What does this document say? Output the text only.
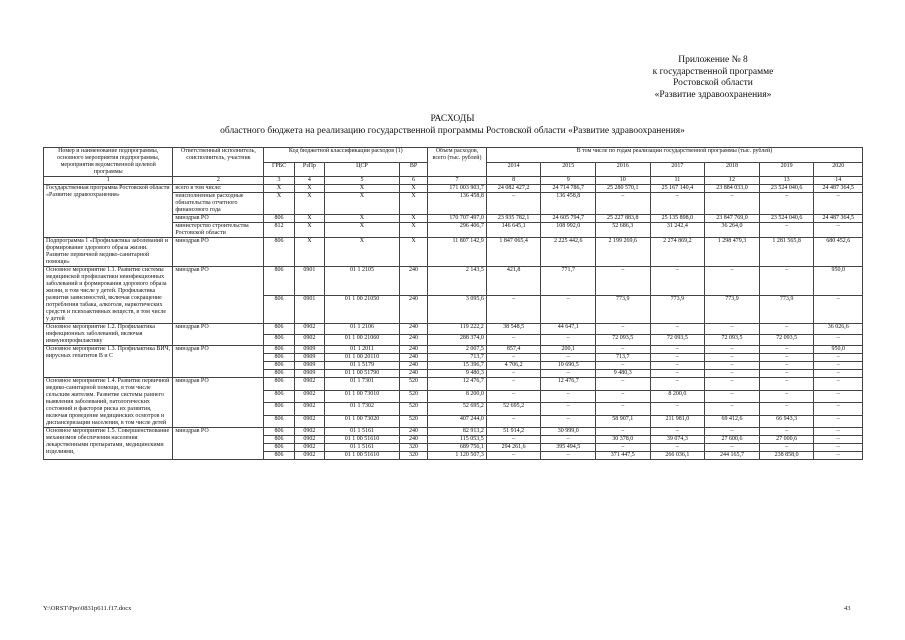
Приложение № 8
к государственной программе
Ростовской области
«Развитие здравоохранения»
РАСХОДЫ
областного бюджета на реализацию государственной программы Ростовской области «Развитие здравоохранения»
Номер и наименование подпрограммы, основного мероприятия подпрограммы, мероприятия ведомственной целевой программы	Ответственный исполнитель, соисполнитель, участник	Код бюджетной классификации расходов (1)				Объем расходов, всего (тыс. рублей)	В том числе по годам реализации государственной программы (тыс. рублей)						
		ГРБС	РзПр	ЦСР	ВР		2014	2015	2016	2017	2018	2019	2020
1	2	3	4	5	6	7	8	9	10	11	12	13	14
Государственная программа Ростовской области «Развитие здравоохранения»	всего в том числе:	X	X	X	X	171 003 903,7	24 082 427,2	24 714 786,7	25 280 570,1	25 167 140,4	23 884 033,0	23 524 040,6	24 487 364,5
	неисполненные расходные обязательства отчетного финансового года	X	X	X	X	136 458,8	–	136 458,8	–	–	–	–	–
	минздрав РО	806	X	X	X	170 707 497,0	23 935 782,1	24 605 794,7	25 227 883,8	25 135 898,0	23 847 769,0	23 524 040,6	24 487 364,5
	министерство строительства Ростовской области	812	X	X	X	296 406,7	146 645,1	108 992,0	52 686,3	31 242,4	36 264,0	–	–
Подпрограмма 1 «Профилактика заболеваний и формирование здорового образа жизни. Развитие первичной медико-санитарной помощи»	минздрав РО	806	X	X	X	11 807 142,9	1 847 065,4	2 225 442,6	2 199 269,6	2 274 869,2	1 298 479,3	1 281 565,8	680 452,6
Основное мероприятие 1.1. Развитие системы медицинской профилактики неинфекционных заболеваний и формирования здорового образа жизни, в том числе у детей. Профилактика развития зависимостей, включая сокращение потребления табака, алкоголя, наркотических средств и психоактивных веществ, в том числе у детей	минздрав РО	806	0901	01 1 2105	240	2 143,5	421,8	771,7	–	–	–	–	950,0
		806	0901	01 1 00 21050	240	3 095,6	–	–	773,9	773,9	773,9	773,9	–
Основное мероприятие 1.2. Профилактика инфекционных заболеваний, включая иммунопрофилактику	минздрав РО	806	0902	01 1 2106	240	119 222,2	38 548,5	44 647,1	–	–	–	–	36 026,6
		806	0902	01 1 00 21060	240	288 374,0	–	–	72 093,5	72 093,5	72 093,5	72 093,5	–
Основное мероприятие 1.3. Профилактика ВИЧ, вирусных гепатитов В и С	минздрав РО	806	0909	01 1 2011	240	2 007,5	857,4	200,1	–	–	–	–	950,0
		806	0909	01 1 00 20110	240	713,7	–	–	713,7	–	–	–	–
		806	0909	01 1 5179	240	15 396,7	4 706,2	10 690,5	–	–	–	–	–
		806	0909	01 1 00 51790	240	9 480,3	–	–	9 480,3	–	–	–	–
Основное мероприятие 1.4. Развитие первичной медико-санитарной помощи, в том числе сельским жителям. Развитие системы раннего выявления заболеваний, патологических состояний и факторов риска их развития, включая проведение медицинских осмотров и диспансеризации населения, в том числе детей	минздрав РО	806	0902	01 1 7301	520	12 476,7	–	12 476,7	–	–	–	–	–
		806	0902	01 1 00 73010	520	8 200,0	–	–	–	8 200,0	–	–	–
		806	0902	01 1 7302	520	52 695,2	52 695,2	–	–	–	–	–	–
		806	0902	01 1 00 73020	520	407 244,0	–	–	58 907,1	211 981,0	69 412,6	66 943,3	–
Основное мероприятие 1.5. Совершенствование механизмов обеспечения населения лекарственными препаратами, медицинскими изделиями,	минздрав РО	806	0902	01 1 5161	240	82 913,2	51 914,2	30 999,0	–	–	–	–	–
		806	0902	01 1 00 51610	240	115 053,5	–	–	30 378,0	39 074,3	27 600,6	27 000,6	–
		806	0902	01 1 5161	320	689 756,1	294 261,6	395 494,5	–	–	–	–	–
		806	0902	01 1 00 51610	320	1 120 507,3	–	–	371 447,5	266 036,1	244 165,7	238 858,0	–
Y:\ORST\Ppo\0831p611.f17.docx	43
